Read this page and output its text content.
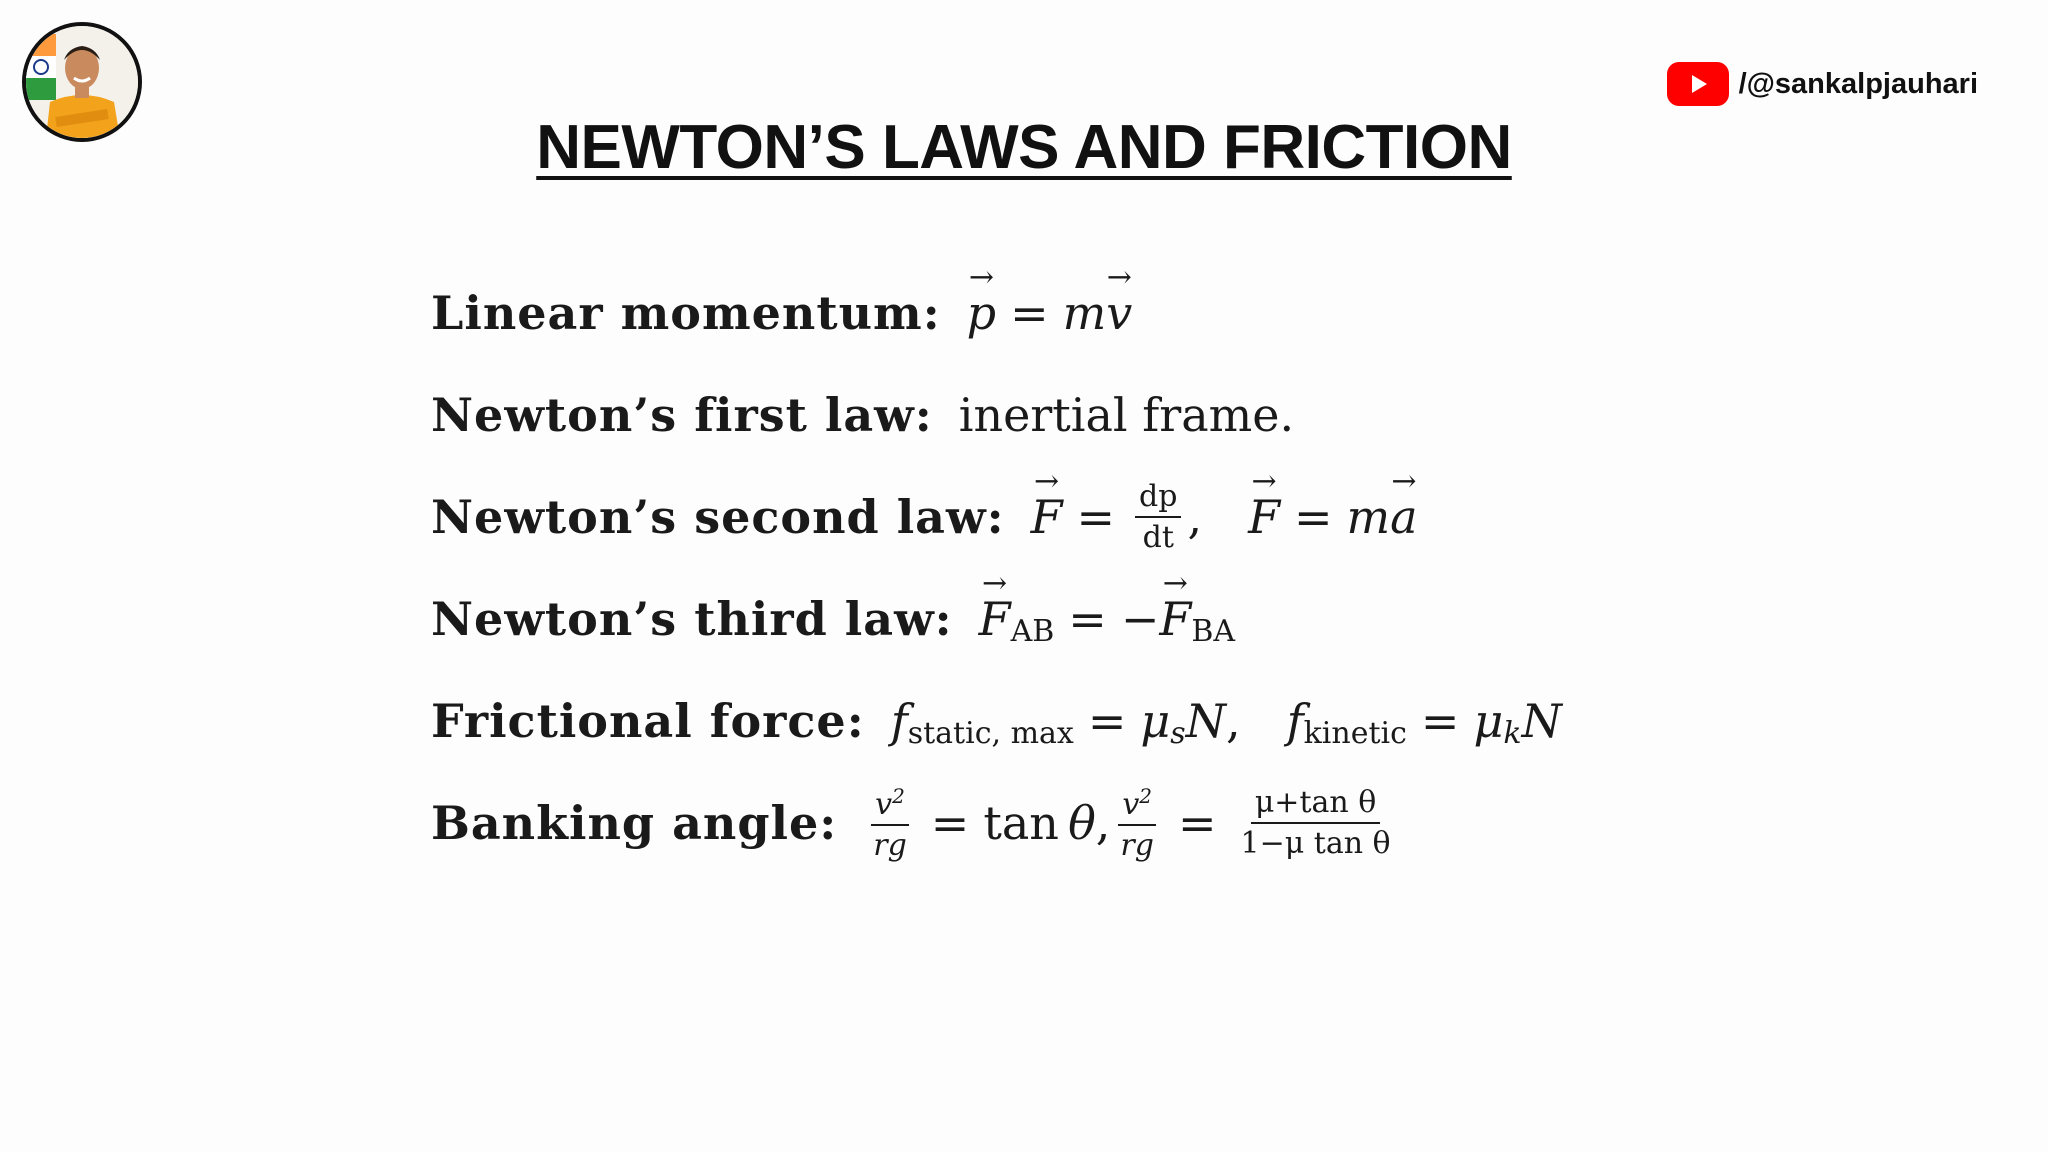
/@sankalpjauhari
NEWTON’S LAWS AND FRICTION
Linear momentum: → p = m → v
Newton’s first law: inertial frame.
Newton’s second law: → $F = \frac{dp}{dt}$ , → F = m → a
Newton’s third law: → F AB = − → F BA
Frictional force: f static, max = μ s N , f kinetic = μ k N
Banking angle: $\frac{v^2}{rg} = \tan$
  θ , $\frac{v^2}{rg} = \frac{\text{μ+tan θ}}{\text{1−μ tan θ}}$
